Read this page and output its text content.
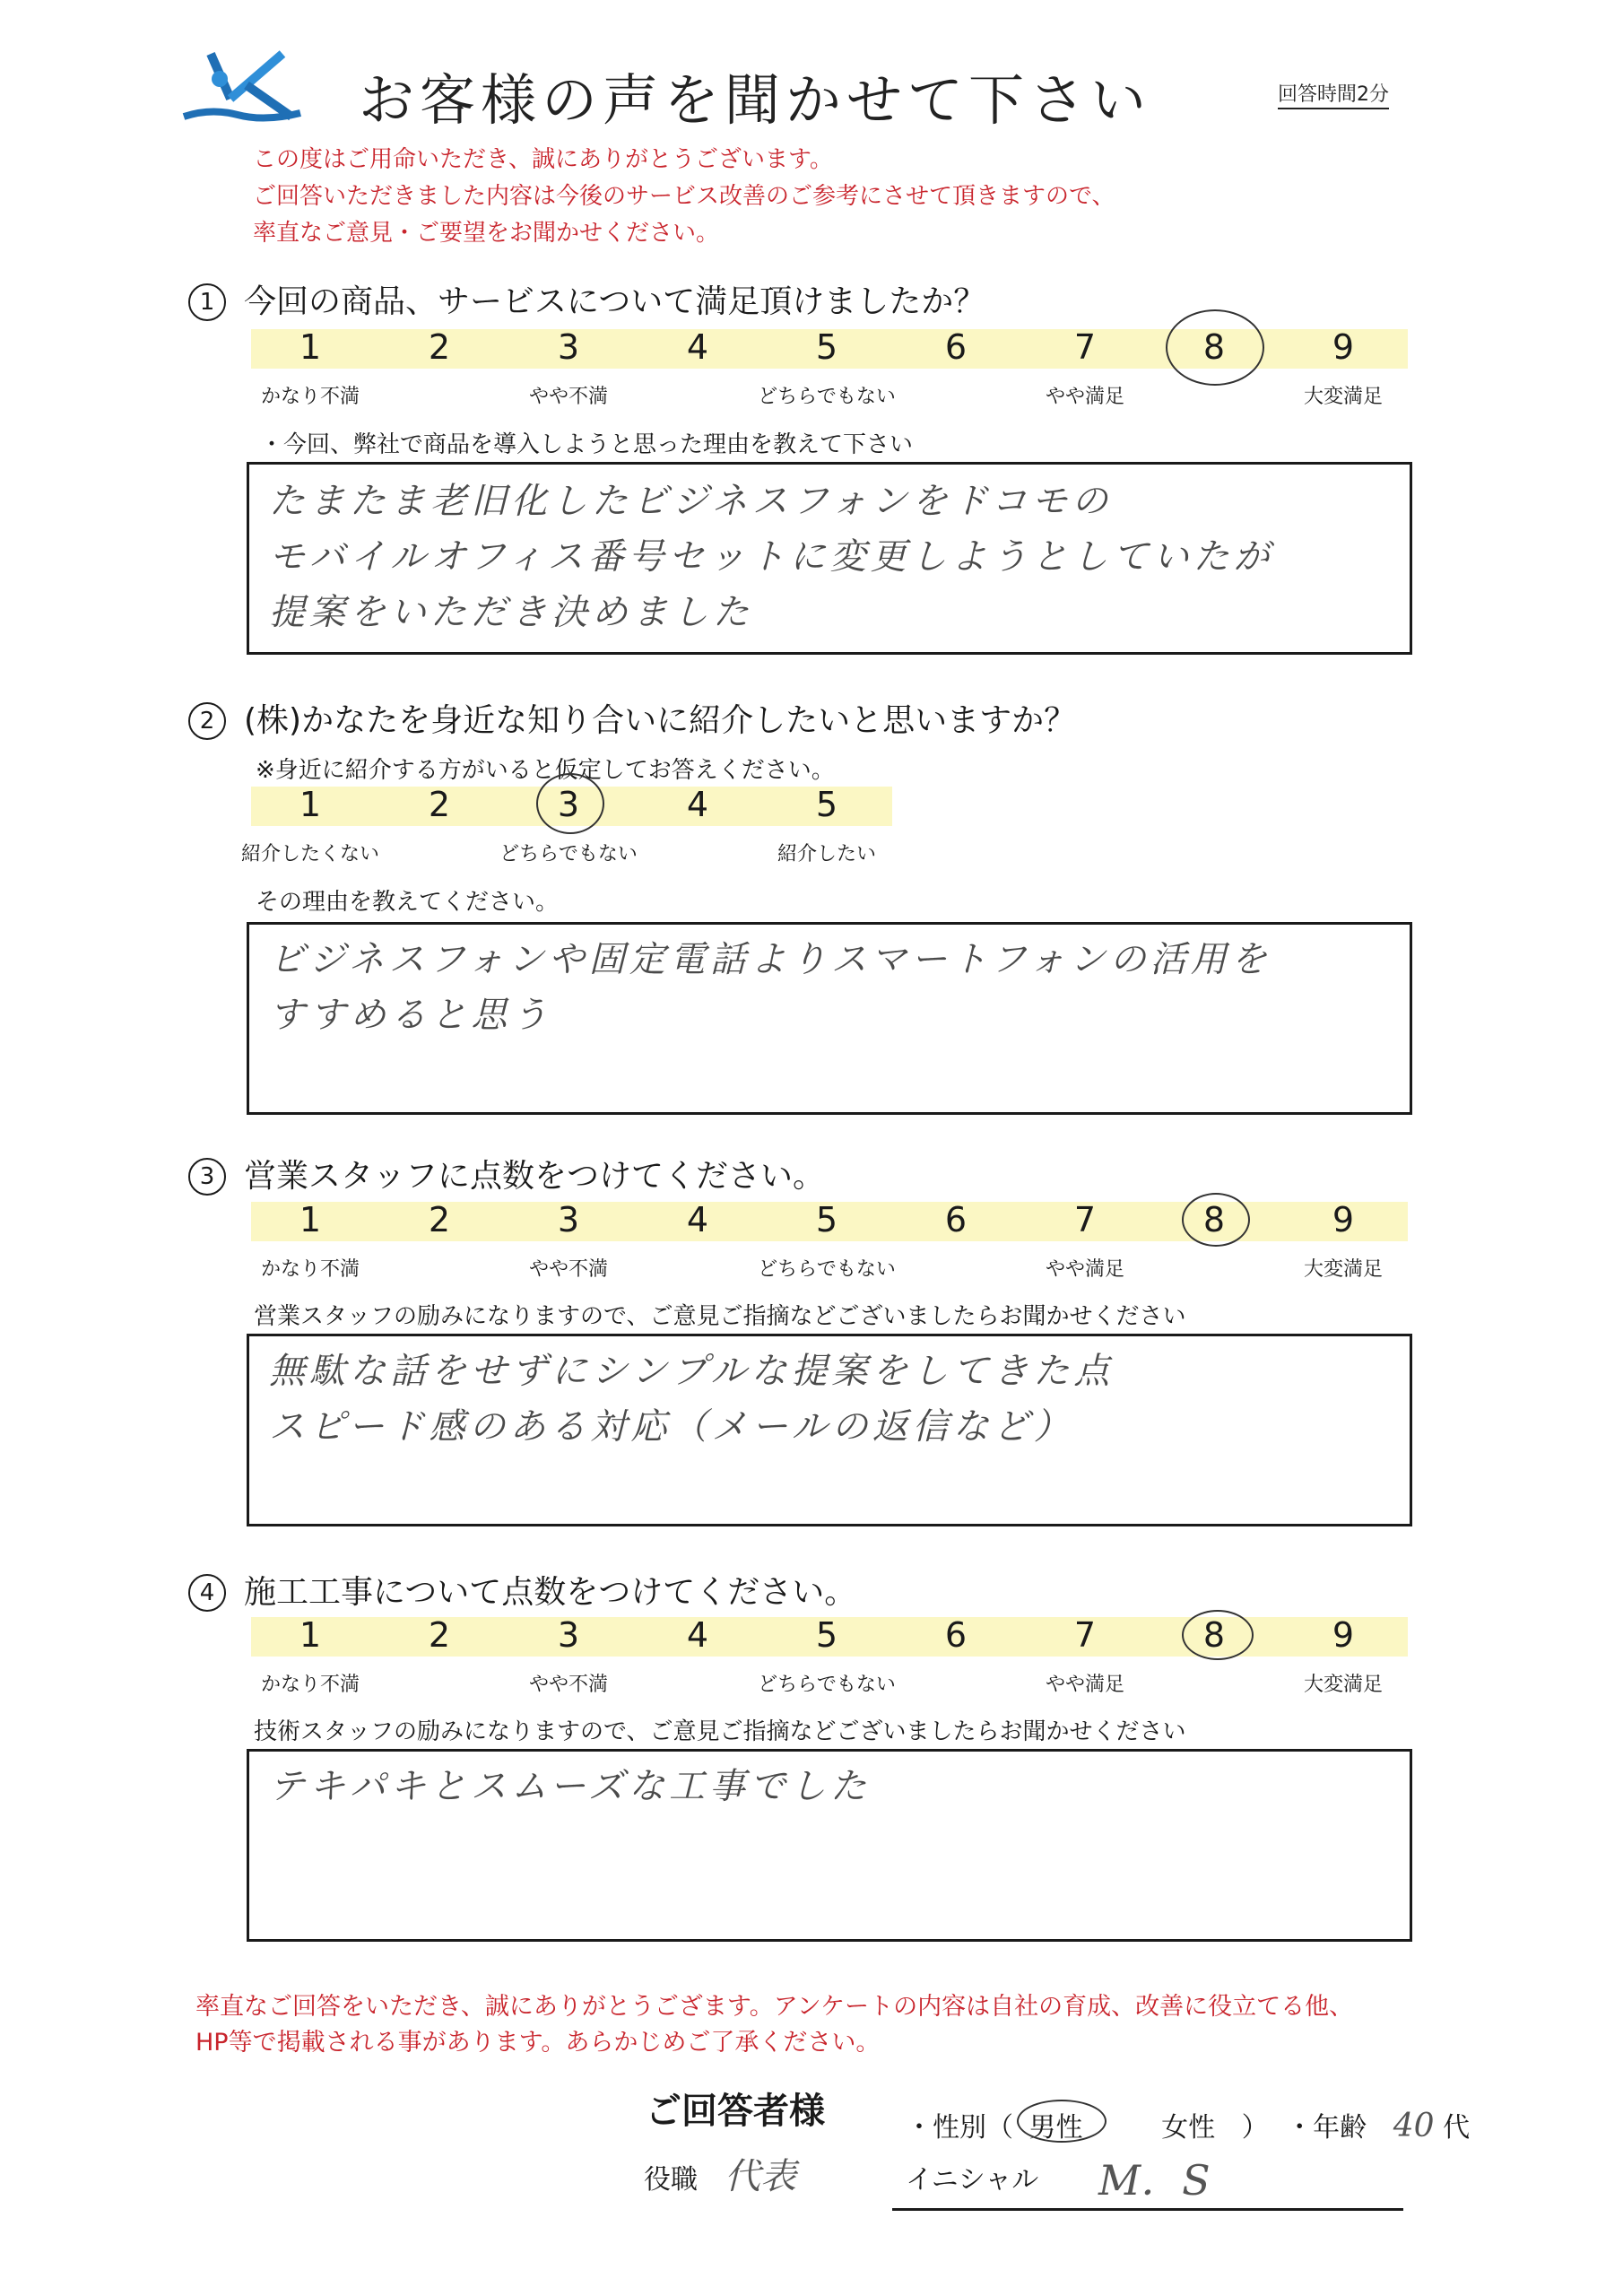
お客様の声を聞かせて下さい	回答時間2分
この度はご用命いただき、誠にありがとうございます。
ご回答いただきました内容は今後のサービス改善のご参考にさせて頂きますので、
率直なご意見・ご要望をお聞かせください。
1 今回の商品、サービスについて満足頂けましたか？
1	2	3	4	5	6	7	8	9
かなり不満	やや不満	どちらでもない	やや満足	大変満足
・今回、弊社で商品を導入しようと思った理由を教えて下さい
たまたま老旧化したビジネスフォンをドコモの
モバイルオフィス番号セットに変更しようとしていたが
提案をいただき決めました
2 (株)かなたを身近な知り合いに紹介したいと思いますか？
※身近に紹介する方がいると仮定してお答えください。
1	2	3	4	5
紹介したくない	どちらでもない	紹介したい
その理由を教えてください。
ビジネスフォンや固定電話よりスマートフォンの活用を
すすめると思う
3 営業スタッフに点数をつけてください。
1	2	3	4	5	6	7	8	9
かなり不満	やや不満	どちらでもない	やや満足	大変満足
営業スタッフの励みになりますので、ご意見ご指摘などございましたらお聞かせください
無駄な話をせずにシンプルな提案をしてきた点
スピード感のある対応（メールの返信など）
4 施工工事について点数をつけてください。
1	2	3	4	5	6	7	8	9
かなり不満	やや不満	どちらでもない	やや満足	大変満足
技術スタッフの励みになりますので、ご意見ご指摘などございましたらお聞かせください
テキパキとスムーズな工事でした
率直なご回答をいただき、誠にありがとうござます。アンケートの内容は自社の育成、改善に役立てる他、
HP等で掲載される事があります。あらかじめご了承ください。
ご回答者様	・性別（ 男性	女性 ） ・年齢 40 代
役職 代表	イニシャル M．S
